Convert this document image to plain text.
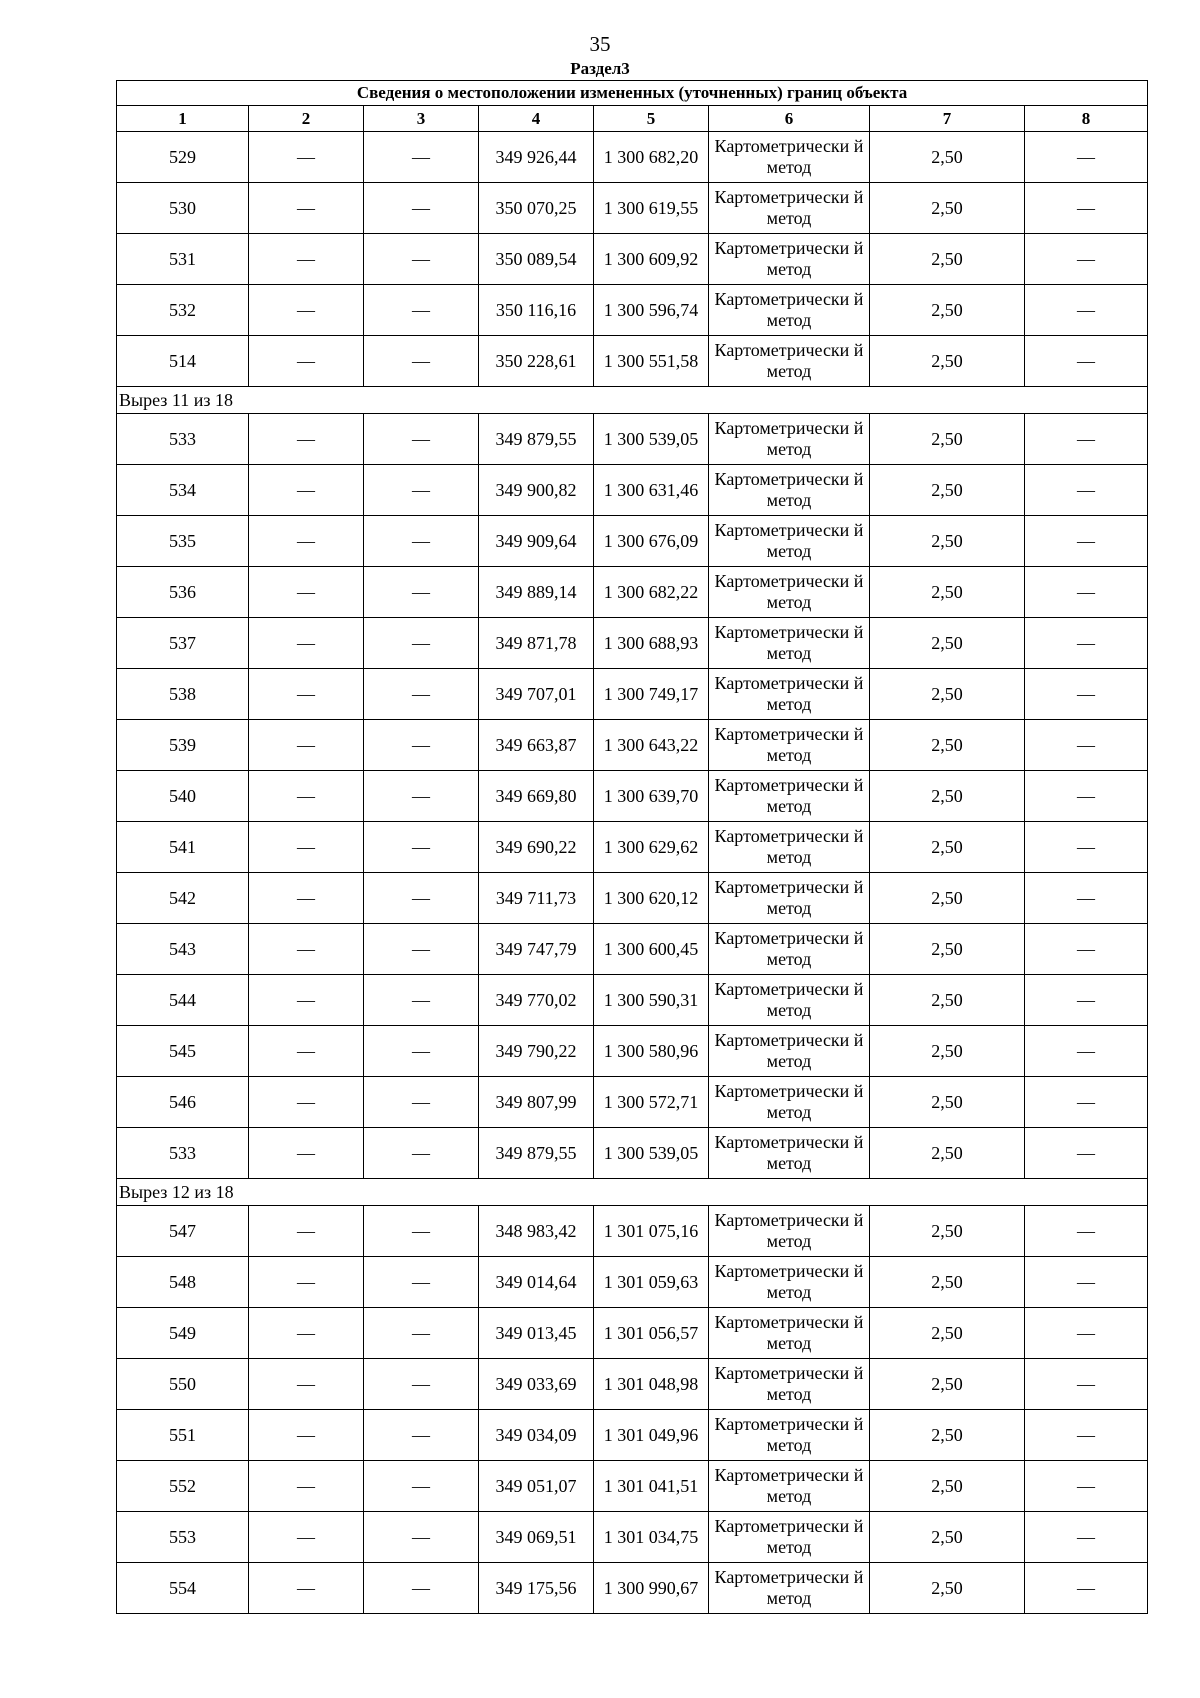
35
Раздел3
Сведения о местоположении измененных (уточненных) границ объекта							
1	2	3	4	5	6	7	8
529	—	—	349 926,44	1 300 682,20	Картометрически й метод	2,50	—
530	—	—	350 070,25	1 300 619,55	Картометрически й метод	2,50	—
531	—	—	350 089,54	1 300 609,92	Картометрически й метод	2,50	—
532	—	—	350 116,16	1 300 596,74	Картометрически й метод	2,50	—
514	—	—	350 228,61	1 300 551,58	Картометрически й метод	2,50	—
Вырез 11 из 18							
533	—	—	349 879,55	1 300 539,05	Картометрически й метод	2,50	—
534	—	—	349 900,82	1 300 631,46	Картометрически й метод	2,50	—
535	—	—	349 909,64	1 300 676,09	Картометрически й метод	2,50	—
536	—	—	349 889,14	1 300 682,22	Картометрически й метод	2,50	—
537	—	—	349 871,78	1 300 688,93	Картометрически й метод	2,50	—
538	—	—	349 707,01	1 300 749,17	Картометрически й метод	2,50	—
539	—	—	349 663,87	1 300 643,22	Картометрически й метод	2,50	—
540	—	—	349 669,80	1 300 639,70	Картометрически й метод	2,50	—
541	—	—	349 690,22	1 300 629,62	Картометрически й метод	2,50	—
542	—	—	349 711,73	1 300 620,12	Картометрически й метод	2,50	—
543	—	—	349 747,79	1 300 600,45	Картометрически й метод	2,50	—
544	—	—	349 770,02	1 300 590,31	Картометрически й метод	2,50	—
545	—	—	349 790,22	1 300 580,96	Картометрически й метод	2,50	—
546	—	—	349 807,99	1 300 572,71	Картометрически й метод	2,50	—
533	—	—	349 879,55	1 300 539,05	Картометрически й метод	2,50	—
Вырез 12 из 18							
547	—	—	348 983,42	1 301 075,16	Картометрически й метод	2,50	—
548	—	—	349 014,64	1 301 059,63	Картометрически й метод	2,50	—
549	—	—	349 013,45	1 301 056,57	Картометрически й метод	2,50	—
550	—	—	349 033,69	1 301 048,98	Картометрически й метод	2,50	—
551	—	—	349 034,09	1 301 049,96	Картометрически й метод	2,50	—
552	—	—	349 051,07	1 301 041,51	Картометрически й метод	2,50	—
553	—	—	349 069,51	1 301 034,75	Картометрически й метод	2,50	—
554	—	—	349 175,56	1 300 990,67	Картометрически й метод	2,50	—
